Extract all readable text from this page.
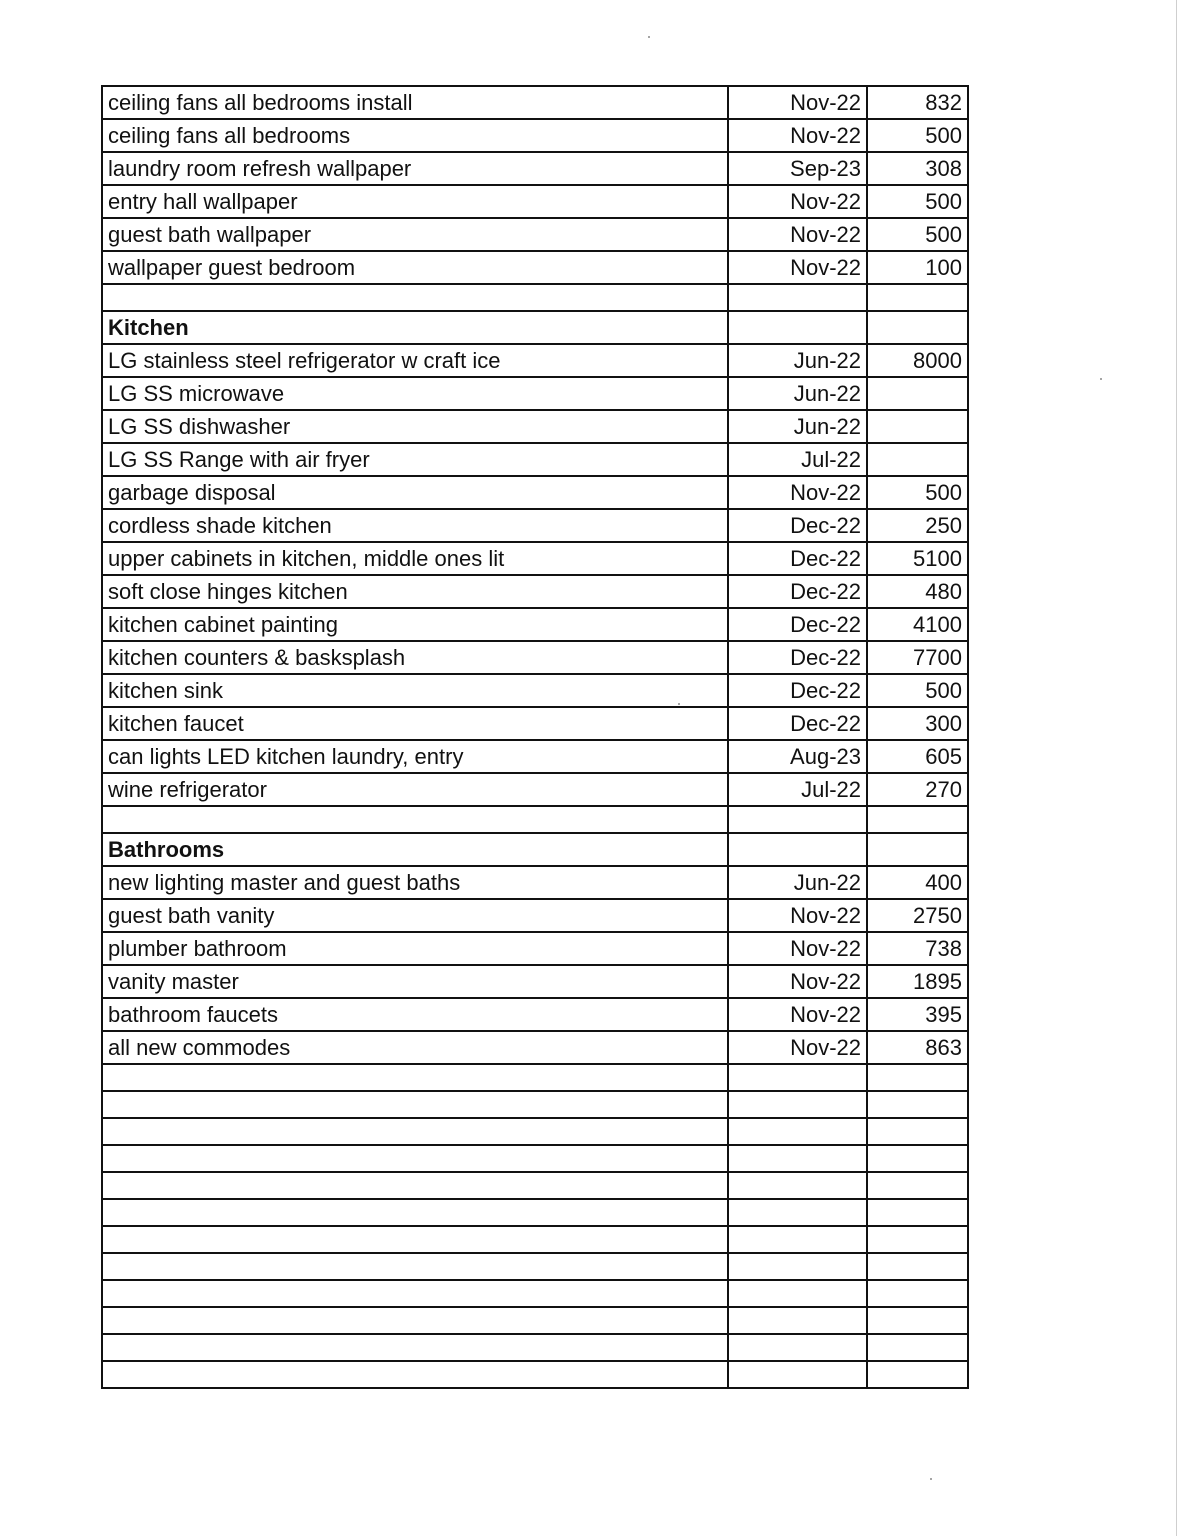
ceiling fans all bedrooms install	Nov-22	832
ceiling fans all bedrooms	Nov-22	500
laundry room refresh wallpaper	Sep-23	308
entry hall wallpaper	Nov-22	500
guest bath wallpaper	Nov-22	500
wallpaper guest bedroom	Nov-22	100

Kitchen		
LG stainless steel refrigerator w craft ice	Jun-22	8000
LG SS microwave	Jun-22	
LG SS dishwasher	Jun-22	
LG SS Range with air fryer	Jul-22	
garbage disposal	Nov-22	500
cordless shade kitchen	Dec-22	250
upper cabinets in kitchen, middle ones lit	Dec-22	5100
soft close hinges kitchen	Dec-22	480
kitchen cabinet painting	Dec-22	4100
kitchen counters & basksplash	Dec-22	7700
kitchen sink	Dec-22	500
kitchen faucet	Dec-22	300
can lights LED kitchen laundry, entry	Aug-23	605
wine refrigerator	Jul-22	270

Bathrooms		
new lighting master and guest baths	Jun-22	400
guest bath vanity	Nov-22	2750
plumber bathroom	Nov-22	738
vanity master	Nov-22	1895
bathroom faucets	Nov-22	395
all new commodes	Nov-22	863
